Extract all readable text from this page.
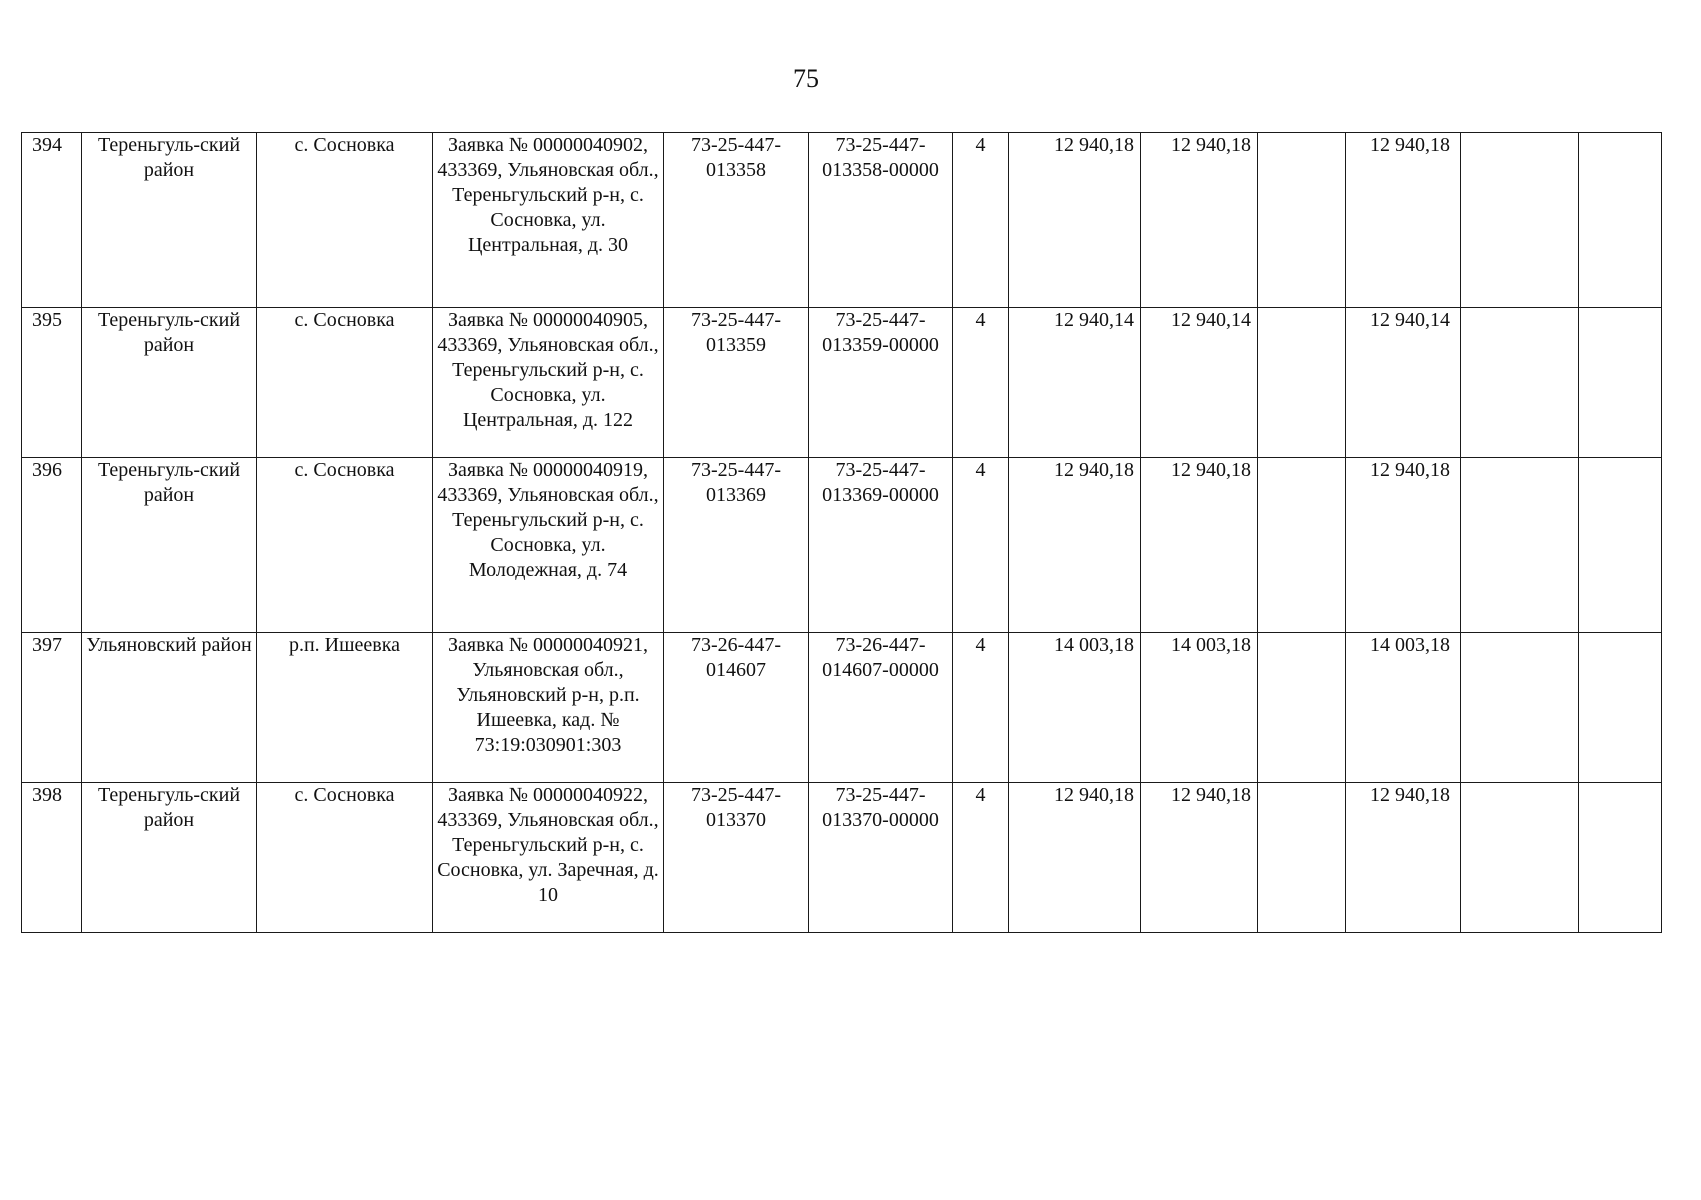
75
394	Тереньгуль-ский район	с. Сосновка	Заявка № 00000040902, 433369, Ульяновская обл., Тереньгульский р-н, с. Сосновка, ул. Центральная, д. 30	73-25-447-013358	73-25-447-013358-00000	4	12 940,18	12 940,18		12 940,18		
395	Тереньгуль-ский район	с. Сосновка	Заявка № 00000040905, 433369, Ульяновская обл., Тереньгульский р-н, с. Сосновка, ул. Центральная, д. 122	73-25-447-013359	73-25-447-013359-00000	4	12 940,14	12 940,14		12 940,14		
396	Тереньгуль-ский район	с. Сосновка	Заявка № 00000040919, 433369, Ульяновская обл., Тереньгульский р-н, с. Сосновка, ул. Молодежная, д. 74	73-25-447-013369	73-25-447-013369-00000	4	12 940,18	12 940,18		12 940,18		
397	Ульяновский район	р.п. Ишеевка	Заявка № 00000040921, Ульяновская обл., Ульяновский р-н, р.п. Ишеевка, кад. № 73:19:030901:303	73-26-447-014607	73-26-447-014607-00000	4	14 003,18	14 003,18		14 003,18		
398	Тереньгуль-ский район	с. Сосновка	Заявка № 00000040922, 433369, Ульяновская обл., Тереньгульский р-н, с. Сосновка, ул. Заречная, д. 10	73-25-447-013370	73-25-447-013370-00000	4	12 940,18	12 940,18		12 940,18		
